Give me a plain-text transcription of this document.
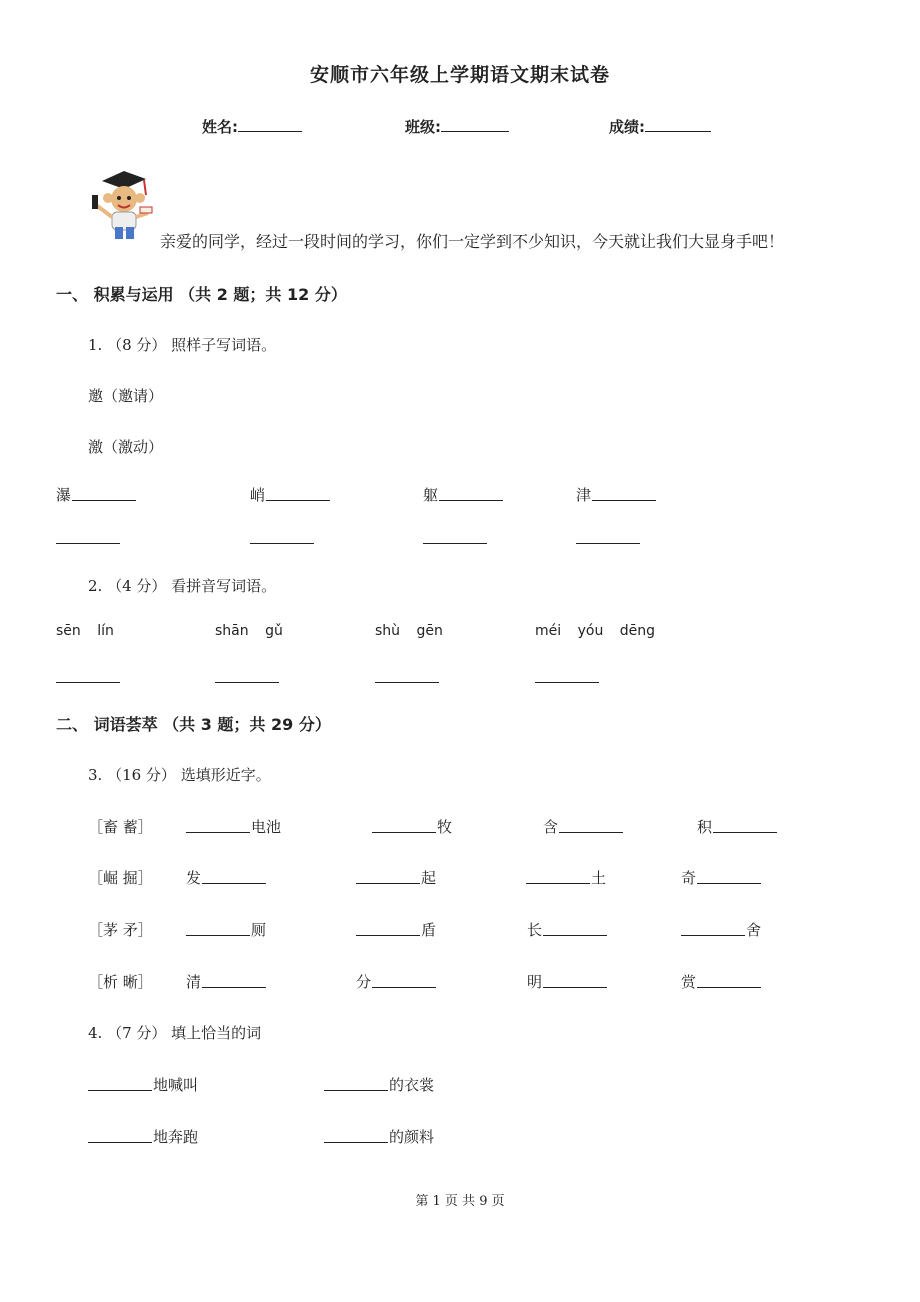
安顺市六年级上学期语文期末试卷
姓名:	班级:	成绩:
亲爱的同学，经过一段时间的学习，你们一定学到不少知识，今天就让我们大显身手吧！
一、 积累与运用 （共 2 题；共 12 分）
1. （8 分） 照样子写词语。
邀（邀请）
激（激动）
瀑	峭	躯	津
2. （4 分） 看拼音写词语。
sēn lín	shān gǔ	shù gēn	méi yóu dēng
二、 词语荟萃 （共 3 题；共 29 分）
3. （16 分） 选填形近字。
［畜 蓄］	电池	牧	含	积
［崛 掘］ 发	起	土	奇
［茅 矛］	厕	盾	长	舍
［析 晰］ 清	分	明	赏
4. （7 分） 填上恰当的词
地喊叫	的衣裳
地奔跑	的颜料
第 1 页 共 9 页
